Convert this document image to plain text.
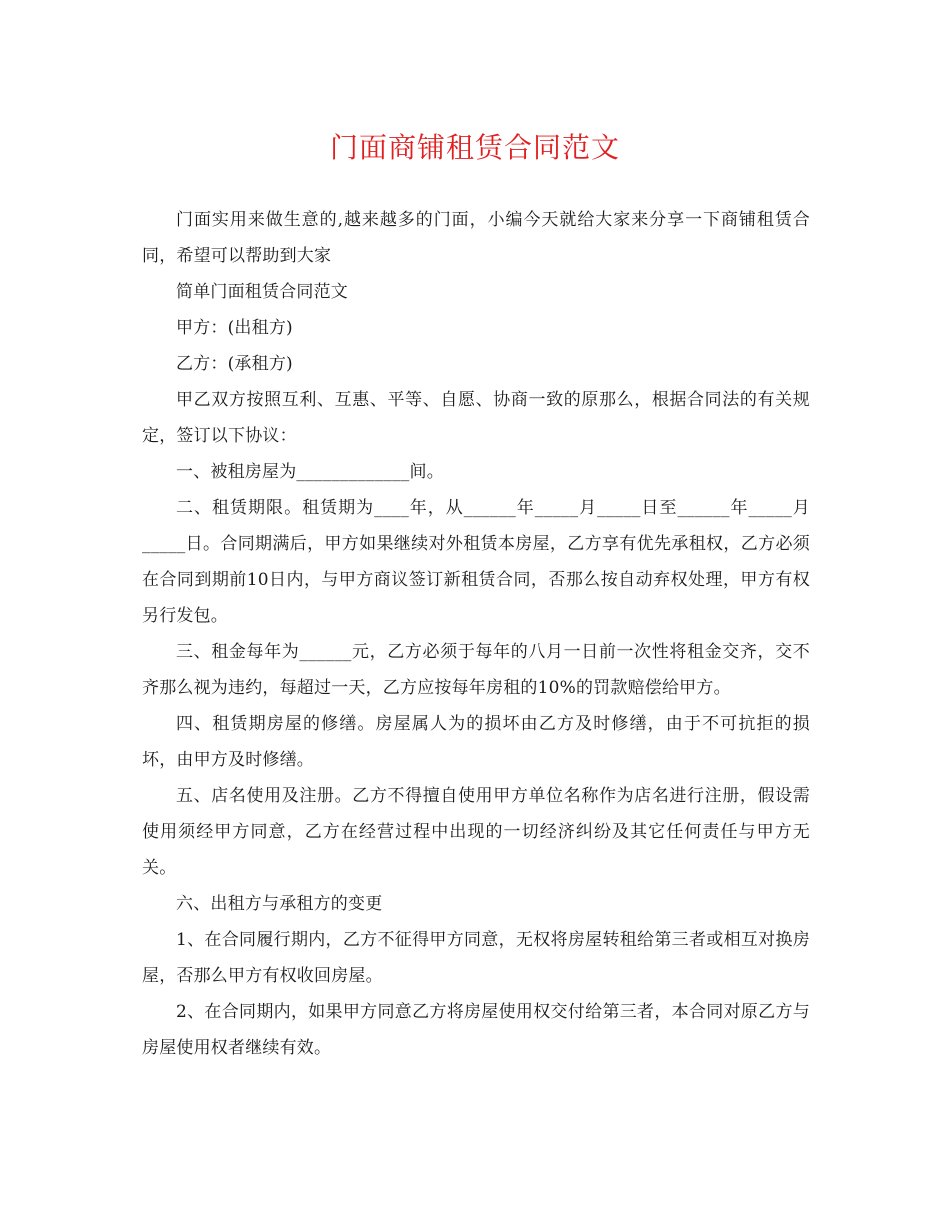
门面商铺租赁合同范文

门面实用来做生意的,越来越多的门面，小编今天就给大家来分享一下商铺租赁合同，希望可以帮助到大家

简单门面租赁合同范文

甲方：(出租方)

乙方：(承租方)

甲乙双方按照互利、互惠、平等、自愿、协商一致的原那么，根据合同法的有关规定，签订以下协议：

一、被租房屋为_____________间。

二、租赁期限。租赁期为____年，从______年_____月_____日至______年_____月_____日。合同期满后，甲方如果继续对外租赁本房屋，乙方享有优先承租权，乙方必须在合同到期前10日内，与甲方商议签订新租赁合同，否那么按自动弃权处理，甲方有权另行发包。

三、租金每年为______元，乙方必须于每年的八月一日前一次性将租金交齐，交不齐那么视为违约，每超过一天，乙方应按每年房租的10%的罚款赔偿给甲方。

四、租赁期房屋的修缮。房屋属人为的损坏由乙方及时修缮，由于不可抗拒的损坏，由甲方及时修缮。

五、店名使用及注册。乙方不得擅自使用甲方单位名称作为店名进行注册，假设需使用须经甲方同意，乙方在经营过程中出现的一切经济纠纷及其它任何责任与甲方无关。

六、出租方与承租方的变更

1、在合同履行期内，乙方不征得甲方同意，无权将房屋转租给第三者或相互对换房屋，否那么甲方有权收回房屋。

2、在合同期内，如果甲方同意乙方将房屋使用权交付给第三者，本合同对原乙方与房屋使用权者继续有效。
